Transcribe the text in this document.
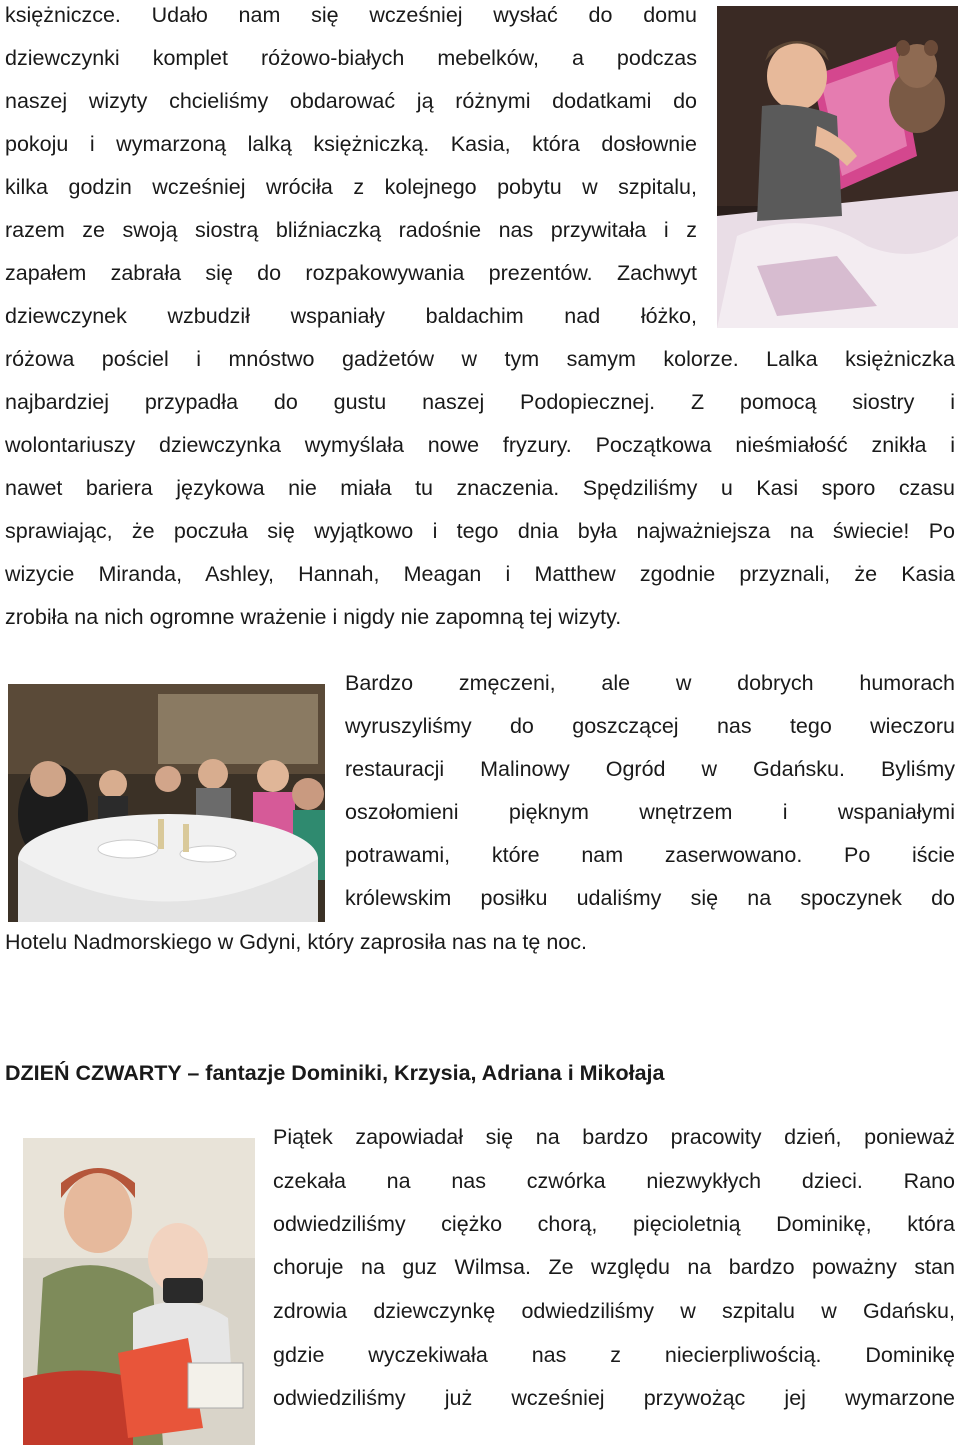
księżniczce. Udało nam się wcześniej wysłać do domu
dziewczynki komplet różowo-białych mebelków, a podczas
naszej wizyty chcieliśmy obdarować ją różnymi dodatkami do
pokoju i wymarzoną lalką księżniczką. Kasia, która dosłownie
kilka godzin wcześniej wróciła z kolejnego pobytu w szpitalu,
razem ze swoją siostrą bliźniaczką radośnie nas przywitała i z
zapałem zabrała się do rozpakowywania prezentów. Zachwyt
dziewczynek wzbudził wspaniały baldachim nad łóżko,
różowa pościel i mnóstwo gadżetów w tym samym kolorze. Lalka księżniczka
najbardziej przypadła do gustu naszej Podopiecznej. Z pomocą siostry i
wolontariuszy dziewczynka wymyślała nowe fryzury. Początkowa nieśmiałość znikła i
nawet bariera językowa nie miała tu znaczenia. Spędziliśmy u Kasi sporo czasu
sprawiając, że poczuła się wyjątkowo i tego dnia była najważniejsza na świecie! Po
wizycie Miranda, Ashley, Hannah, Meagan i Matthew zgodnie przyznali, że Kasia
zrobiła na nich ogromne wrażenie i nigdy nie zapomną tej wizyty.
Bardzo zmęczeni, ale w dobrych humorach
wyruszyliśmy do goszczącej nas tego wieczoru
restauracji Malinowy Ogród w Gdańsku. Byliśmy
oszołomieni pięknym wnętrzem i wspaniałymi
potrawami, które nam zaserwowano. Po iście
królewskim posiłku udaliśmy się na spoczynek do
Hotelu Nadmorskiego w Gdyni, który zaprosiła nas na tę noc.
DZIEŃ CZWARTY – fantazje Dominiki, Krzysia, Adriana i Mikołaja
Piątek zapowiadał się na bardzo pracowity dzień, ponieważ
czekała na nas czwórka niezwykłych dzieci. Rano
odwiedziliśmy ciężko chorą, pięcioletnią Dominikę, która
choruje na guz Wilmsa. Ze względu na bardzo poważny stan
zdrowia dziewczynkę odwiedziliśmy w szpitalu w Gdańsku,
gdzie wyczekiwała nas z niecierpliwością. Dominikę
odwiedziliśmy już wcześniej przywożąc jej wymarzone
